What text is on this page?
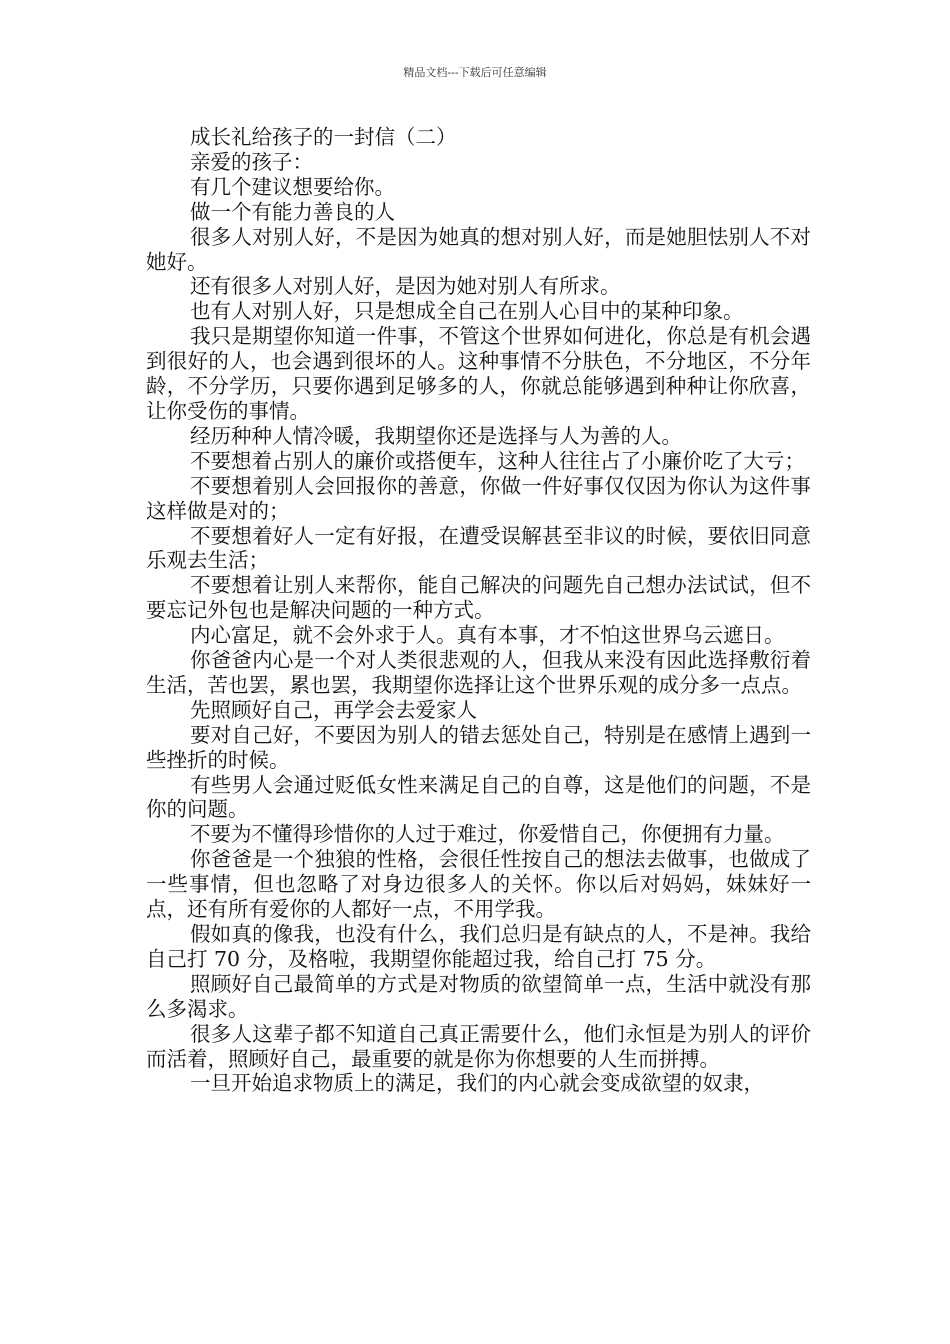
精品文档---下载后可任意编辑

成长礼给孩子的一封信（二）

亲爱的孩子：

有几个建议想要给你。

做一个有能力善良的人

很多人对别人好，不是因为她真的想对别人好，而是她胆怯别人不对她好。

还有很多人对别人好，是因为她对别人有所求。

也有人对别人好，只是想成全自己在别人心目中的某种印象。

我只是期望你知道一件事，不管这个世界如何进化，你总是有机会遇到很好的人，也会遇到很坏的人。这种事情不分肤色，不分地区，不分年龄，不分学历，只要你遇到足够多的人，你就总能够遇到种种让你欣喜，让你受伤的事情。

经历种种人情冷暖，我期望你还是选择与人为善的人。

不要想着占别人的廉价或搭便车，这种人往往占了小廉价吃了大亏；

不要想着别人会回报你的善意，你做一件好事仅仅因为你认为这件事这样做是对的；

不要想着好人一定有好报，在遭受误解甚至非议的时候，要依旧同意乐观去生活；

不要想着让别人来帮你，能自己解决的问题先自己想办法试试，但不要忘记外包也是解决问题的一种方式。

内心富足，就不会外求于人。真有本事，才不怕这世界乌云遮日。

你爸爸内心是一个对人类很悲观的人，但我从来没有因此选择敷衍着生活，苦也罢，累也罢，我期望你选择让这个世界乐观的成分多一点点。

先照顾好自己，再学会去爱家人

要对自己好，不要因为别人的错去惩处自己，特别是在感情上遇到一些挫折的时候。

有些男人会通过贬低女性来满足自己的自尊，这是他们的问题，不是你的问题。

不要为不懂得珍惜你的人过于难过，你爱惜自己，你便拥有力量。

你爸爸是一个独狼的性格，会很任性按自己的想法去做事，也做成了一些事情，但也忽略了对身边很多人的关怀。你以后对妈妈，妹妹好一点，还有所有爱你的人都好一点，不用学我。

假如真的像我，也没有什么，我们总归是有缺点的人，不是神。我给自己打 70 分，及格啦，我期望你能超过我，给自己打 75 分。

照顾好自己最简单的方式是对物质的欲望简单一点，生活中就没有那么多渴求。

很多人这辈子都不知道自己真正需要什么，他们永恒是为别人的评价而活着，照顾好自己，最重要的就是你为你想要的人生而拼搏。

一旦开始追求物质上的满足，我们的内心就会变成欲望的奴隶，
